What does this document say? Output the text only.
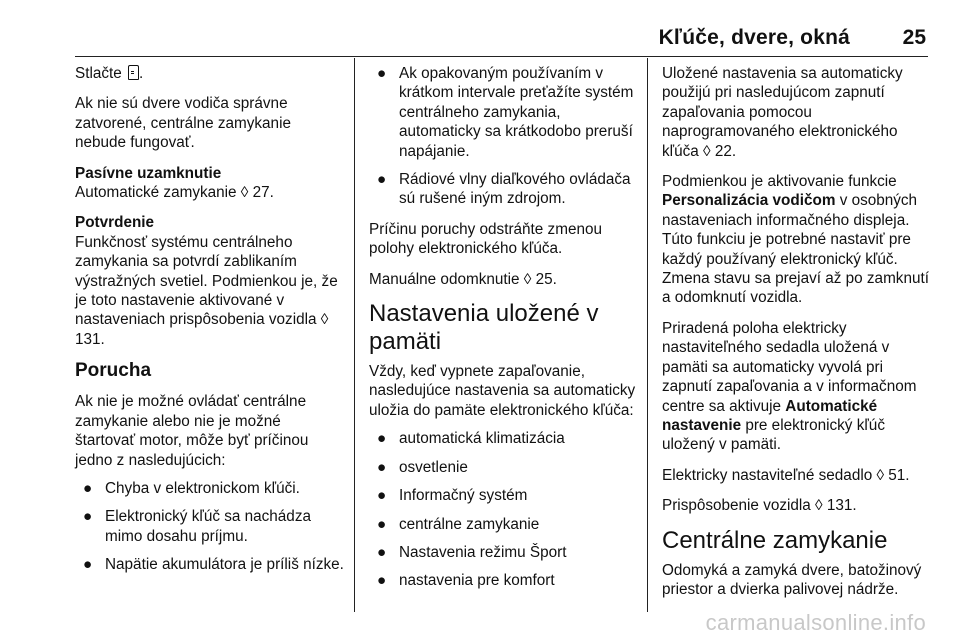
Kľúče, dvere, okná	25

Stlačte .

Ak nie sú dvere vodiča správne zatvorené, centrálne zamykanie nebude fungovať.

Pasívne uzamknutie

Automatické zamykanie ◊ 27.

Potvrdenie

Funkčnosť systému centrálneho zamykania sa potvrdí zablikaním výstražných svetiel. Podmienkou je, že je toto nastavenie aktivované v nastaveniach prispôsobenia vozidla ◊ 131.

Porucha

Ak nie je možné ovládať centrálne zamykanie alebo nie je možné štartovať motor, môže byť príčinou jedno z nasledujúcich:

● Chyba v elektronickom kľúči.
● Elektronický kľúč sa nachádza mimo dosahu príjmu.
● Napätie akumulátora je príliš nízke.
● Ak opakovaným používaním v krátkom intervale preťažíte systém centrálneho zamykania, automaticky sa krátkodobo preruší napájanie.
● Rádiové vlny diaľkového ovládača sú rušené iným zdrojom.

Príčinu poruchy odstráňte zmenou polohy elektronického kľúča.

Manuálne odomknutie ◊ 25.

Nastavenia uložené v pamäti

Vždy, keď vypnete zapaľovanie, nasledujúce nastavenia sa automaticky uložia do pamäte elektronického kľúča:

● automatická klimatizácia
● osvetlenie
● Informačný systém
● centrálne zamykanie
● Nastavenia režimu Šport
● nastavenia pre komfort

Uložené nastavenia sa automaticky použijú pri nasledujúcom zapnutí zapaľovania pomocou naprogramovaného elektronického kľúča ◊ 22.

Podmienkou je aktivovanie funkcie Personalizácia vodičom v osobných nastaveniach informačného displeja. Túto funkciu je potrebné nastaviť pre každý používaný elektronický kľúč. Zmena stavu sa prejaví až po zamknutí a odomknutí vozidla.

Priradená poloha elektricky nastaviteľného sedadla uložená v pamäti sa automaticky vyvolá pri zapnutí zapaľovania a v informačnom centre sa aktivuje Automatické nastavenie pre elektronický kľúč uložený v pamäti.

Elektricky nastaviteľné sedadlo ◊ 51.

Prispôsobenie vozidla ◊ 131.

Centrálne zamykanie

Odomyká a zamyká dvere, batožinový priestor a dvierka palivovej nádrže.

carmanualsonline.info
